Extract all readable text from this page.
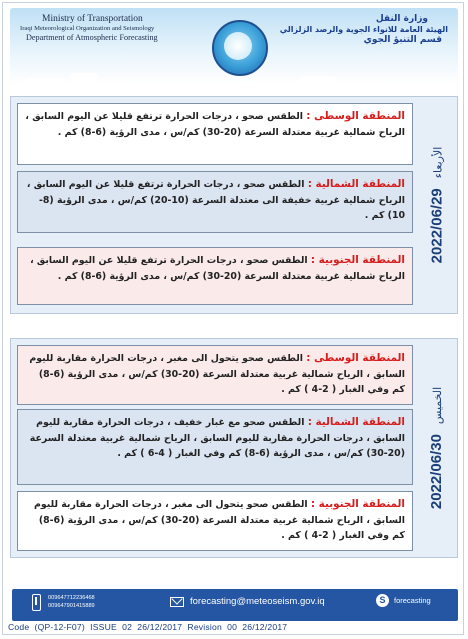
Ministry of Transportation
Iraqi Meteorological Organization and Seismology
Department of Atmospheric Forecasting
وزارة النقل
الهيئة العامة للانواء الجوية والرصد الزلزالي
قسم التنبؤ الجوي
2022/06/29الأربعاء
المنطقة الوسطى : الطقس صحو ، درجات الحرارة ترتفع قليلا عن اليوم السابق ، الرياح شمالية غربية معتدلة السرعة (20-30) كم/س ، مدى الرؤية (6-8) كم .
المنطقة الشمالية : الطقس صحو ، درجات الحرارة ترتفع قليلا عن اليوم السابق ، الرياح شمالية غربية خفيفة الى معتدلة السرعة (10-20) كم/س ، مدى الرؤية (8-10) كم .
المنطقة الجنوبية : الطقس صحو ، درجات الحرارة ترتفع قليلا عن اليوم السابق ، الرياح شمالية غربية معتدلة السرعة (20-30) كم/س ، مدى الرؤية (6-8) كم .
2022/06/30الخميس
المنطقة الوسطى : الطقس صحو يتحول الى مغبر ، درجات الحرارة مقاربة لليوم السابق ، الرياح شمالية غربية معتدلة السرعة (20-30) كم/س ، مدى الرؤية (6-8) كم وفي الغبار ( 2-4 ) كم .
المنطقة الشمالية : الطقس صحو مع غبار خفيف ، درجات الحرارة مقاربة لليوم السابق ، درجات الحرارة مقاربة لليوم السابق ، الرياح شمالية غربية معتدلة السرعة (20-30) كم/س ، مدى الرؤية (6-8) كم وفي الغبار ( 4-6 ) كم .
المنطقة الجنوبية : الطقس صحو يتحول الى مغبر ، درجات الحرارة مقاربة لليوم السابق ، الرياح شمالية غربية معتدلة السرعة (20-30) كم/س ، مدى الرؤية (6-8) كم وفي الغبار ( 2-4 ) كم .
009647712236468
009647901415889	forecasting@meteoseism.gov.iq	S	forecasting
Code  (QP-12-F07)  ISSUE  02  26/12/2017  Revision  00  26/12/2017
